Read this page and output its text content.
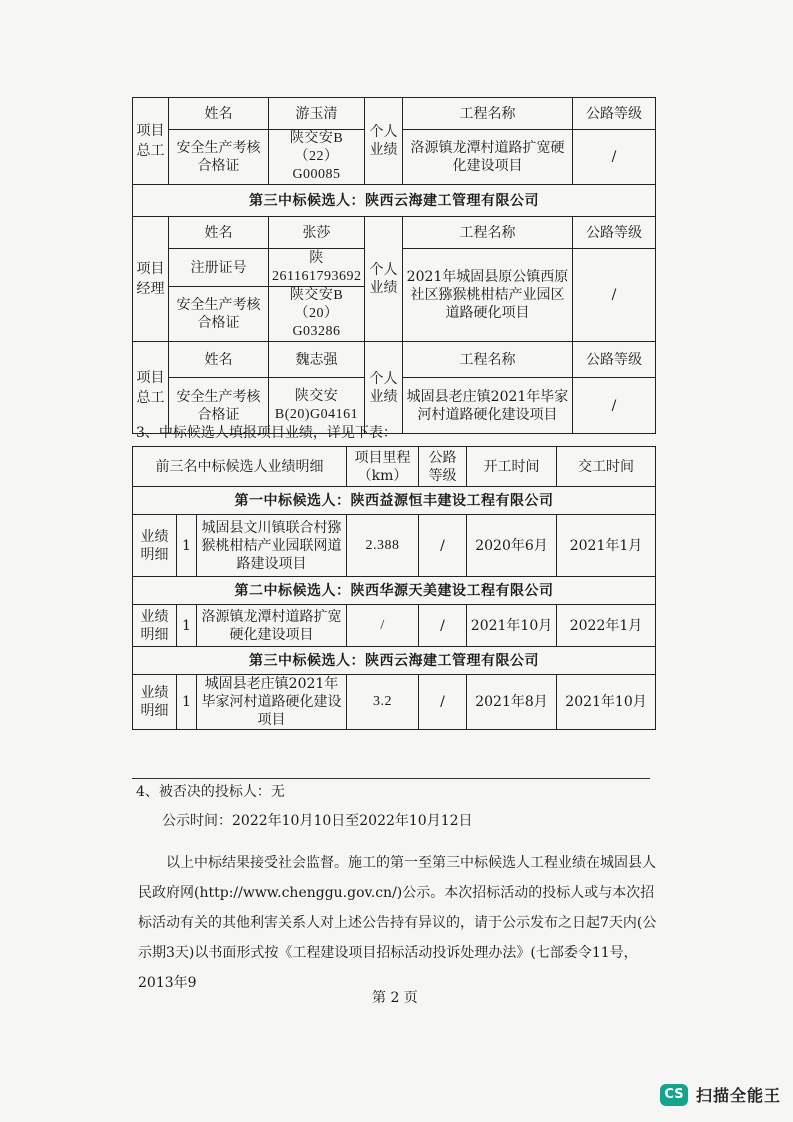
项目总工	姓名	游玉清	个人业绩	工程名称	公路等级
	安全生产考核合格证	陕交安B（22）G00085		洛源镇龙潭村道路扩宽硬化建设项目	/
第三中标候选人：陕西云海建工管理有限公司					

项目经理	姓名	张莎	个人业绩	工程名称	公路等级
	注册证号	陕261161793692		2021年城固县原公镇西原社区猕猴桃柑桔产业园区道路硬化项目	/
	安全生产考核合格证	陕交安B（20）G03286			

项目总工	姓名	魏志强	个人业绩	工程名称	公路等级
	安全生产考核合格证	陕交安B(20)G04161		城固县老庄镇2021年毕家河村道路硬化建设项目	/
3、中标候选人填报项目业绩，详见下表：
前三名中标候选人业绩明细			项目里程（km）	公路等级	开工时间	交工时间
第一中标候选人：陕西益源恒丰建设工程有限公司						
业绩明细	1	城固县文川镇联合村猕猴桃柑桔产业园联网道路建设项目	2.388	/	2020年6月	2021年1月
第二中标候选人：陕西华源天美建设工程有限公司						
业绩明细	1	洛源镇龙潭村道路扩宽硬化建设项目	/	/	2021年10月	2022年1月
第三中标候选人：陕西云海建工管理有限公司						
业绩明细	1	城固县老庄镇2021年毕家河村道路硬化建设项目	3.2	/	2021年8月	2021年10月
4、被否决的投标人：无
公示时间：2022年10月10日至2022年10月12日
以上中标结果接受社会监督。施工的第一至第三中标候选人工程业绩在城固县人民政府网(http://www.chenggu.gov.cn/)公示。本次招标活动的投标人或与本次招标活动有关的其他利害关系人对上述公告持有异议的，请于公示发布之日起7天内(公示期3天)以书面形式按《工程建设项目招标活动投诉处理办法》(七部委令11号，2013年9
第 2 页
CS 扫描全能王
